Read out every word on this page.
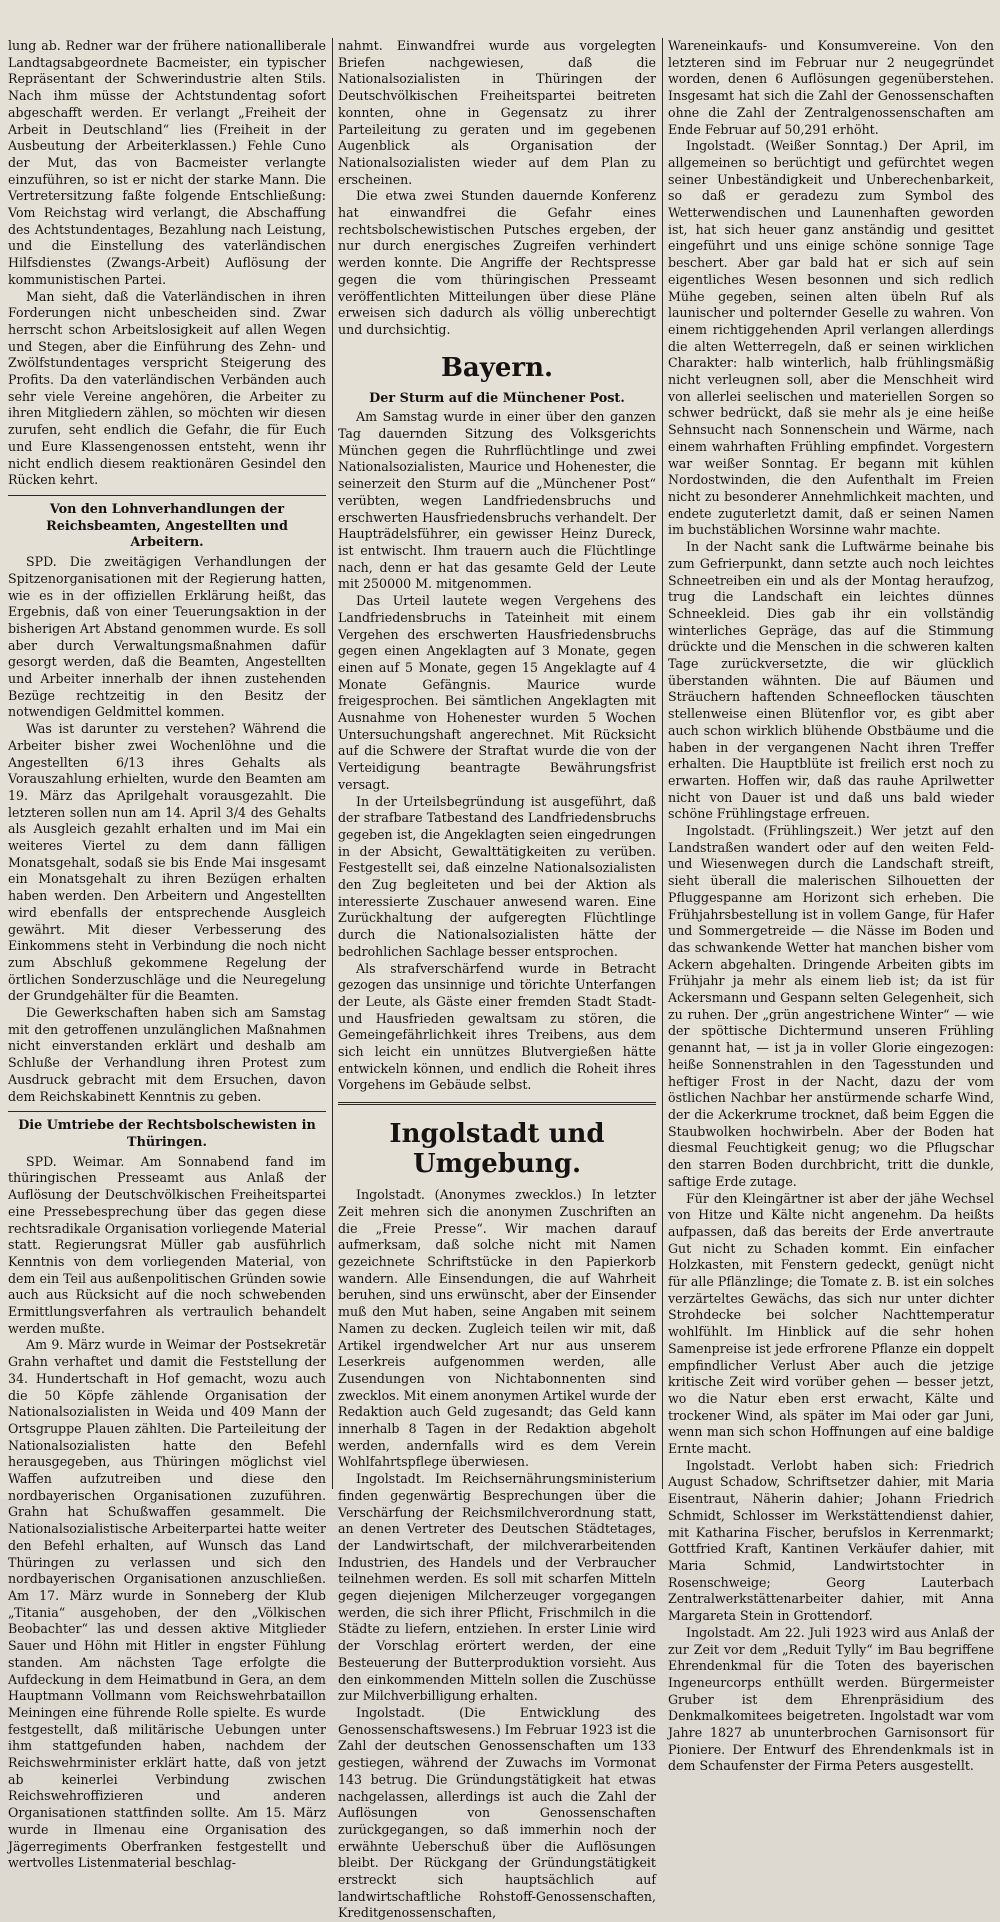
lung ab. Redner war der frühere nationalliberale Landtagsabgeordnete Bacmeister, ein typischer Repräsentant der Schwerindustrie alten Stils. Nach ihm müsse der Achtstundentag sofort abgeschafft werden. Er verlangt „Freiheit der Arbeit in Deutschland“ lies (Freiheit in der Ausbeutung der Arbeiterklassen.) Fehle Cuno der Mut, das von Bacmeister verlangte einzuführen, so ist er nicht der starke Mann. Die Vertretersitzung faßte folgende Entschließung: Vom Reichstag wird verlangt, die Abschaffung des Achtstundentages, Bezahlung nach Leistung, und die Einstellung des vaterländischen Hilfsdienstes (Zwangs-Arbeit) Auflösung der kommunistischen Partei.

Man sieht, daß die Vaterländischen in ihren Forderungen nicht unbescheiden sind. Zwar herrscht schon Arbeitslosigkeit auf allen Wegen und Stegen, aber die Einführung des Zehn- und Zwölfstundentages verspricht Steigerung des Profits. Da den vaterländischen Verbänden auch sehr viele Vereine angehören, die Arbeiter zu ihren Mitgliedern zählen, so möchten wir diesen zurufen, seht endlich die Gefahr, die für Euch und Eure Klassengenossen entsteht, wenn ihr nicht endlich diesem reaktionären Gesindel den Rücken kehrt.

Von den Lohnverhandlungen der Reichsbeamten, Angestellten und Arbeitern.

SPD. Die zweitägigen Verhandlungen der Spitzenorganisationen mit der Regierung hatten, wie es in der offiziellen Erklärung heißt, das Ergebnis, daß von einer Teuerungsaktion in der bisherigen Art Abstand genommen wurde. Es soll aber durch Verwaltungsmaßnahmen dafür gesorgt werden, daß die Beamten, Angestellten und Arbeiter innerhalb der ihnen zustehenden Bezüge rechtzeitig in den Besitz der notwendigen Geldmittel kommen.

Was ist darunter zu verstehen? Während die Arbeiter bisher zwei Wochenlöhne und die Angestellten 6/13 ihres Gehalts als Vorauszahlung erhielten, wurde den Beamten am 19. März das Aprilgehalt vorausgezahlt. Die letzteren sollen nun am 14. April 3/4 des Gehalts als Ausgleich gezahlt erhalten und im Mai ein weiteres Viertel zu dem dann fälligen Monatsgehalt, sodaß sie bis Ende Mai insgesamt ein Monatsgehalt zu ihren Bezügen erhalten haben werden. Den Arbeitern und Angestellten wird ebenfalls der entsprechende Ausgleich gewährt. Mit dieser Verbesserung des Einkommens steht in Verbindung die noch nicht zum Abschluß gekommene Regelung der örtlichen Sonderzuschläge und die Neuregelung der Grundgehälter für die Beamten.

Die Gewerkschaften haben sich am Samstag mit den getroffenen unzulänglichen Maßnahmen nicht einverstanden erklärt und deshalb am Schluße der Verhandlung ihren Protest zum Ausdruck gebracht mit dem Ersuchen, davon dem Reichskabinett Kenntnis zu geben.

Die Umtriebe der Rechtsbolschewisten in Thüringen.

SPD. Weimar. Am Sonnabend fand im thüringischen Presseamt aus Anlaß der Auflösung der Deutschvölkischen Freiheitspartei eine Pressebesprechung über das gegen diese rechtsradikale Organisation vorliegende Material statt. Regierungsrat Müller gab ausführlich Kenntnis von dem vorliegenden Material, von dem ein Teil aus außenpolitischen Gründen sowie auch aus Rücksicht auf die noch schwebenden Ermittlungsverfahren als vertraulich behandelt werden mußte.

Am 9. März wurde in Weimar der Postsekretär Grahn verhaftet und damit die Feststellung der 34. Hundertschaft in Hof gemacht, wozu auch die 50 Köpfe zählende Organisation der Nationalsozialisten in Weida und 409 Mann der Ortsgruppe Plauen zählten. Die Parteileitung der Nationalsozialisten hatte den Befehl herausgegeben, aus Thüringen möglichst viel Waffen aufzutreiben und diese den nordbayerischen Organisationen zuzuführen. Grahn hat Schußwaffen gesammelt. Die Nationalsozialistische Arbeiterpartei hatte weiter den Befehl erhalten, auf Wunsch das Land Thüringen zu verlassen und sich den nordbayerischen Organisationen anzuschließen. Am 17. März wurde in Sonneberg der Klub „Titania“ ausgehoben, der den „Völkischen Beobachter“ las und dessen aktive Mitglieder Sauer und Höhn mit Hitler in engster Fühlung standen. Am nächsten Tage erfolgte die Aufdeckung in dem Heimatbund in Gera, an dem Hauptmann Vollmann vom Reichswehrbataillon Meiningen eine führende Rolle spielte. Es wurde festgestellt, daß militärische Uebungen unter ihm stattgefunden haben, nachdem der Reichswehrminister erklärt hatte, daß von jetzt ab keinerlei Verbindung zwischen Reichswehroffizieren und anderen Organisationen stattfinden sollte. Am 15. März wurde in Ilmenau eine Organisation des Jägerregiments Oberfranken festgestellt und wertvolles Listenmaterial beschlag-

nahmt. Einwandfrei wurde aus vorgelegten Briefen nachgewiesen, daß die Nationalsozialisten in Thüringen der Deutschvölkischen Freiheitspartei beitreten konnten, ohne in Gegensatz zu ihrer Parteileitung zu geraten und im gegebenen Augenblick als Organisation der Nationalsozialisten wieder auf dem Plan zu erscheinen.

Die etwa zwei Stunden dauernde Konferenz hat einwandfrei die Gefahr eines rechtsbolschewistischen Putsches ergeben, der nur durch energisches Zugreifen verhindert werden konnte. Die Angriffe der Rechtspresse gegen die vom thüringischen Presseamt veröffentlichten Mitteilungen über diese Pläne erweisen sich dadurch als völlig unberechtigt und durchsichtig.

Bayern.
Der Sturm auf die Münchener Post.

Am Samstag wurde in einer über den ganzen Tag dauernden Sitzung des Volksgerichts München gegen die Ruhrflüchtlinge und zwei Nationalsozialisten, Maurice und Hohenester, die seinerzeit den Sturm auf die „Münchener Post“ verübten, wegen Landfriedensbruchs und erschwerten Hausfriedensbruchs verhandelt. Der Haupträdelsführer, ein gewisser Heinz Dureck, ist entwischt. Ihm trauern auch die Flüchtlinge nach, denn er hat das gesamte Geld der Leute mit 250000 M. mitgenommen.

Das Urteil lautete wegen Vergehens des Landfriedensbruchs in Tateinheit mit einem Vergehen des erschwerten Hausfriedensbruchs gegen einen Angeklagten auf 3 Monate, gegen einen auf 5 Monate, gegen 15 Angeklagte auf 4 Monate Gefängnis. Maurice wurde freigesprochen. Bei sämtlichen Angeklagten mit Ausnahme von Hohenester wurden 5 Wochen Untersuchungshaft angerechnet. Mit Rücksicht auf die Schwere der Straftat wurde die von der Verteidigung beantragte Bewährungsfrist versagt.

In der Urteilsbegründung ist ausgeführt, daß der strafbare Tatbestand des Landfriedensbruchs gegeben ist, die Angeklagten seien eingedrungen in der Absicht, Gewalttätigkeiten zu verüben. Festgestellt sei, daß einzelne Nationalsozialisten den Zug begleiteten und bei der Aktion als interessierte Zuschauer anwesend waren. Eine Zurückhaltung der aufgeregten Flüchtlinge durch die Nationalsozialisten hätte der bedrohlichen Sachlage besser entsprochen.

Als strafverschärfend wurde in Betracht gezogen das unsinnige und törichte Unterfangen der Leute, als Gäste einer fremden Stadt Stadt- und Hausfrieden gewaltsam zu stören, die Gemeingefährlichkeit ihres Treibens, aus dem sich leicht ein unnützes Blutvergießen hätte entwickeln können, und endlich die Roheit ihres Vorgehens im Gebäude selbst.

Ingolstadt und Umgebung.

Ingolstadt. (Anonymes zwecklos.) In letzter Zeit mehren sich die anonymen Zuschriften an die „Freie Presse“. Wir machen darauf aufmerksam, daß solche nicht mit Namen gezeichnete Schriftstücke in den Papierkorb wandern. Alle Einsendungen, die auf Wahrheit beruhen, sind uns erwünscht, aber der Einsender muß den Mut haben, seine Angaben mit seinem Namen zu decken. Zugleich teilen wir mit, daß Artikel irgendwelcher Art nur aus unserem Leserkreis aufgenommen werden, alle Zusendungen von Nichtabonnenten sind zwecklos. Mit einem anonymen Artikel wurde der Redaktion auch Geld zugesandt; das Geld kann innerhalb 8 Tagen in der Redaktion abgeholt werden, andernfalls wird es dem Verein Wohlfahrtspflege überwiesen.

Ingolstadt. Im Reichsernährungsministerium finden gegenwärtig Besprechungen über die Verschärfung der Reichsmilchverordnung statt, an denen Vertreter des Deutschen Städtetages, der Landwirtschaft, der milchverarbeitenden Industrien, des Handels und der Verbraucher teilnehmen werden. Es soll mit scharfen Mitteln gegen diejenigen Milcherzeuger vorgegangen werden, die sich ihrer Pflicht, Frischmilch in die Städte zu liefern, entziehen. In erster Linie wird der Vorschlag erörtert werden, der eine Besteuerung der Butterproduktion vorsieht. Aus den einkommenden Mitteln sollen die Zuschüsse zur Milchverbilligung erhalten.

Ingolstadt. (Die Entwicklung des Genossenschaftswesens.) Im Februar 1923 ist die Zahl der deutschen Genossenschaften um 133 gestiegen, während der Zuwachs im Vormonat 143 betrug. Die Gründungstätigkeit hat etwas nachgelassen, allerdings ist auch die Zahl der Auflösungen von Genossenschaften zurückgegangen, so daß immerhin noch der erwähnte Ueberschuß über die Auflösungen bleibt. Der Rückgang der Gründungstätigkeit erstreckt sich hauptsächlich auf landwirtschaftliche Rohstoff-Genossenschaften, Kreditgenossenschaften,

Wareneinkaufs- und Konsumvereine. Von den letzteren sind im Februar nur 2 neugegründet worden, denen 6 Auflösungen gegenüberstehen. Insgesamt hat sich die Zahl der Genossenschaften ohne die Zahl der Zentralgenossenschaften am Ende Februar auf 50,291 erhöht.

Ingolstadt. (Weißer Sonntag.) Der April, im allgemeinen so berüchtigt und gefürchtet wegen seiner Unbeständigkeit und Unberechenbarkeit, so daß er geradezu zum Symbol des Wetterwendischen und Launenhaften geworden ist, hat sich heuer ganz anständig und gesittet eingeführt und uns einige schöne sonnige Tage beschert. Aber gar bald hat er sich auf sein eigentliches Wesen besonnen und sich redlich Mühe gegeben, seinen alten übeln Ruf als launischer und polternder Geselle zu wahren. Von einem richtiggehenden April verlangen allerdings die alten Wetterregeln, daß er seinen wirklichen Charakter: halb winterlich, halb frühlingsmäßig nicht verleugnen soll, aber die Menschheit wird von allerlei seelischen und materiellen Sorgen so schwer bedrückt, daß sie mehr als je eine heiße Sehnsucht nach Sonnenschein und Wärme, nach einem wahrhaften Frühling empfindet. Vorgestern war weißer Sonntag. Er begann mit kühlen Nordostwinden, die den Aufenthalt im Freien nicht zu besonderer Annehmlichkeit machten, und endete zuguterletzt damit, daß er seinen Namen im buchstäblichen Worsinne wahr machte.

In der Nacht sank die Luftwärme beinahe bis zum Gefrierpunkt, dann setzte auch noch leichtes Schneetreiben ein und als der Montag heraufzog, trug die Landschaft ein leichtes dünnes Schneekleid. Dies gab ihr ein vollständig winterliches Gepräge, das auf die Stimmung drückte und die Menschen in die schweren kalten Tage zurückversetzte, die wir glücklich überstanden wähnten. Die auf Bäumen und Sträuchern haftenden Schneeflocken täuschten stellenweise einen Blütenflor vor, es gibt aber auch schon wirklich blühende Obstbäume und die haben in der vergangenen Nacht ihren Treffer erhalten. Die Hauptblüte ist freilich erst noch zu erwarten. Hoffen wir, daß das rauhe Aprilwetter nicht von Dauer ist und daß uns bald wieder schöne Frühlingstage erfreuen.

Ingolstadt. (Frühlingszeit.) Wer jetzt auf den Landstraßen wandert oder auf den weiten Feld- und Wiesenwegen durch die Landschaft streift, sieht überall die malerischen Silhouetten der Pfluggespanne am Horizont sich erheben. Die Frühjahrsbestellung ist in vollem Gange, für Hafer und Sommergetreide — die Nässe im Boden und das schwankende Wetter hat manchen bisher vom Ackern abgehalten. Dringende Arbeiten gibts im Frühjahr ja mehr als einem lieb ist; da ist für Ackersmann und Gespann selten Gelegenheit, sich zu ruhen. Der „grün angestrichene Winter“ — wie der spöttische Dichtermund unseren Frühling genannt hat, — ist ja in voller Glorie eingezogen: heiße Sonnenstrahlen in den Tagesstunden und heftiger Frost in der Nacht, dazu der vom östlichen Nachbar her anstürmende scharfe Wind, der die Ackerkrume trocknet, daß beim Eggen die Staubwolken hochwirbeln. Aber der Boden hat diesmal Feuchtigkeit genug; wo die Pflugschar den starren Boden durchbricht, tritt die dunkle, saftige Erde zutage.

Für den Kleingärtner ist aber der jähe Wechsel von Hitze und Kälte nicht angenehm. Da heißts aufpassen, daß das bereits der Erde anvertraute Gut nicht zu Schaden kommt. Ein einfacher Holzkasten, mit Fenstern gedeckt, genügt nicht für alle Pflänzlinge; die Tomate z. B. ist ein solches verzärteltes Gewächs, das sich nur unter dichter Strohdecke bei solcher Nachttemperatur wohlfühlt. Im Hinblick auf die sehr hohen Samenpreise ist jede erfrorene Pflanze ein doppelt empfindlicher Verlust Aber auch die jetzige kritische Zeit wird vorüber gehen — besser jetzt, wo die Natur eben erst erwacht, Kälte und trockener Wind, als später im Mai oder gar Juni, wenn man sich schon Hoffnungen auf eine baldige Ernte macht.

Ingolstadt. Verlobt haben sich: Friedrich August Schadow, Schriftsetzer dahier, mit Maria Eisentraut, Näherin dahier; Johann Friedrich Schmidt, Schlosser im Werkstättendienst dahier, mit Katharina Fischer, berufslos in Kerrenmarkt; Gottfried Kraft, Kantinen Verkäufer dahier, mit Maria Schmid, Landwirtstochter in Rosenschweige; Georg Lauterbach Zentralwerkstättenarbeiter dahier, mit Anna Margareta Stein in Grottendorf.

Ingolstadt. Am 22. Juli 1923 wird aus Anlaß der zur Zeit vor dem „Reduit Tylly“ im Bau begriffene Ehrendenkmal für die Toten des bayerischen Ingeneurcorps enthüllt werden. Bürgermeister Gruber ist dem Ehrenpräsidium des Denkmalkomitees beigetreten. Ingolstadt war vom Jahre 1827 ab ununterbrochen Garnisonsort für Pioniere. Der Entwurf des Ehrendenkmals ist in dem Schaufenster der Firma Peters ausgestellt.
